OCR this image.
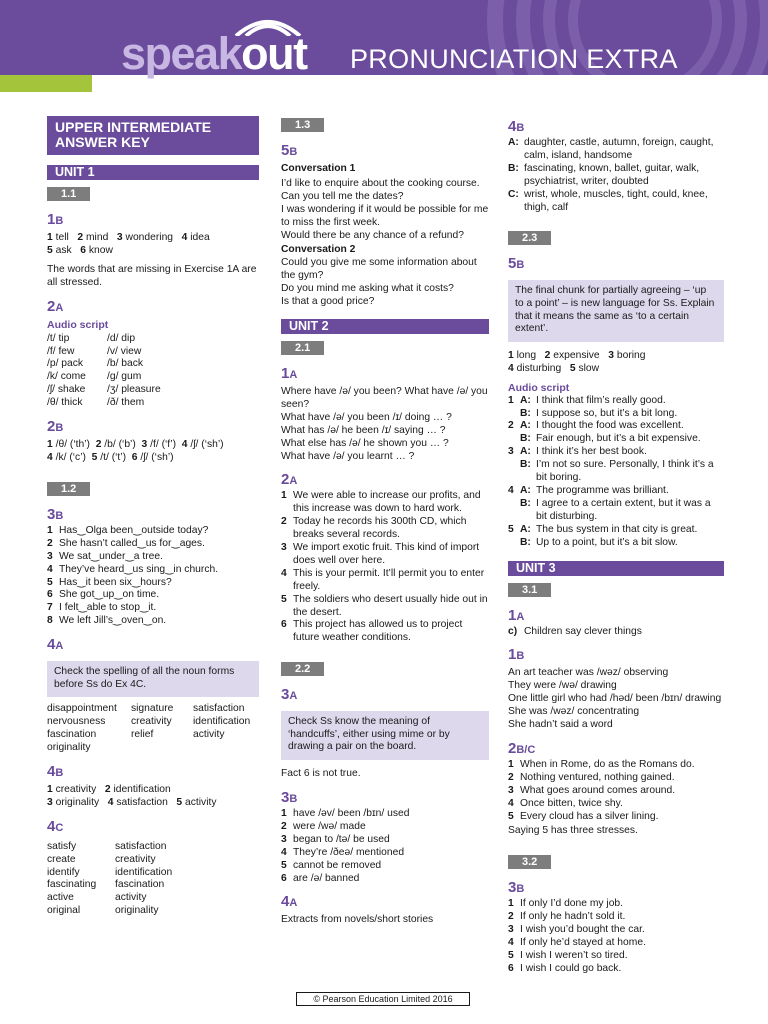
speakout PRONUNCIATION EXTRA
UPPER INTERMEDIATE ANSWER KEY
UNIT 1
1.1
1B
1 tell 2 mind 3 wondering 4 idea
5 ask 6 know
The words that are missing in Exercise 1A are all stressed.
2A
Audio script
/t/ tip	/d/ dip
/f/ few	/v/ view
/p/ pack	/b/ back
/k/ come	/g/ gum
/ʃ/ shake	/ʒ/ pleasure
/θ/ thick	/ð/ them
2B
1 /θ/ (‘th’) 2 /b/ (‘b’) 3 /f/ (‘f’) 4 /ʃ/ (‘sh’)
4 /k/ (‘c’) 5 /t/ (‘t’) 6 /ʃ/ (‘sh’)
1.2
3B
1 Has‿Olga been‿outside today?
2 She hasn’t called‿us for‿ages.
3 We sat‿under‿a tree.
4 They’ve heard‿us sing‿in church.
5 Has‿it been six‿hours?
6 She got‿up‿on time.
7 I felt‿able to stop‿it.
8 We left Jill’s‿oven‿on.
4A
Check the spelling of all the noun forms before Ss do Ex 4C.
disappointment	signature	satisfaction
nervousness	creativity	identification
fascination	relief	activity
originality
4B
1 creativity 2 identification
3 originality 4 satisfaction 5 activity
4C
satisfy	satisfaction
create	creativity
identify	identification
fascinating	fascination
active	activity
original	originality
1.3
5B
Conversation 1
I’d like to enquire about the cooking course.
Can you tell me the dates?
I was wondering if it would be possible for me to miss the first week.
Would there be any chance of a refund?
Conversation 2
Could you give me some information about the gym?
Do you mind me asking what it costs?
Is that a good price?
UNIT 2
2.1
1A
Where have /ə/ you been? What have /ə/ you seen?
What have /ə/ you been /ɪ/ doing … ?
What has /ə/ he been /ɪ/ saying … ?
What else has /ə/ he shown you … ?
What have /ə/ you learnt … ?
2A
1 We were able to increase our profits, and this increase was down to hard work.
2 Today he records his 300th CD, which breaks several records.
3 We import exotic fruit. This kind of import does well over here.
4 This is your permit. It’ll permit you to enter freely.
5 The soldiers who desert usually hide out in the desert.
6 This project has allowed us to project future weather conditions.
2.2
3A
Check Ss know the meaning of ‘handcuffs’, either using mime or by drawing a pair on the board.
Fact 6 is not true.
3B
1 have /əv/ been /bɪn/ used
2 were /wə/ made
3 began to /tə/ be used
4 They’re /ðeə/ mentioned
5 cannot be removed
6 are /ə/ banned
4A
Extracts from novels/short stories
4B
A: daughter, castle, autumn, foreign, caught, calm, island, handsome
B: fascinating, known, ballet, guitar, walk, psychiatrist, writer, doubted
C: wrist, whole, muscles, tight, could, knee, thigh, calf
2.3
5B
The final chunk for partially agreeing – ‘up to a point’ – is new language for Ss. Explain that it means the same as ‘to a certain extent’.
1 long 2 expensive 3 boring
4 disturbing 5 slow
Audio script
1 A: I think that film’s really good.
B: I suppose so, but it’s a bit long.
2 A: I thought the food was excellent.
B: Fair enough, but it’s a bit expensive.
3 A: I think it’s her best book.
B: I’m not so sure. Personally, I think it’s a bit boring.
4 A: The programme was brilliant.
B: I agree to a certain extent, but it was a bit disturbing.
5 A: The bus system in that city is great.
B: Up to a point, but it’s a bit slow.
UNIT 3
3.1
1A
c) Children say clever things
1B
An art teacher was /wəz/ observing
They were /wə/ drawing
One little girl who had /həd/ been /bɪn/ drawing
She was /wəz/ concentrating
She hadn’t said a word
2B/C
1 When in Rome, do as the Romans do.
2 Nothing ventured, nothing gained.
3 What goes around comes around.
4 Once bitten, twice shy.
5 Every cloud has a silver lining.
Saying 5 has three stresses.
3.2
3B
1 If only I’d done my job.
2 If only he hadn’t sold it.
3 I wish you’d bought the car.
4 If only he’d stayed at home.
5 I wish I weren’t so tired.
6 I wish I could go back.
© Pearson Education Limited 2016
